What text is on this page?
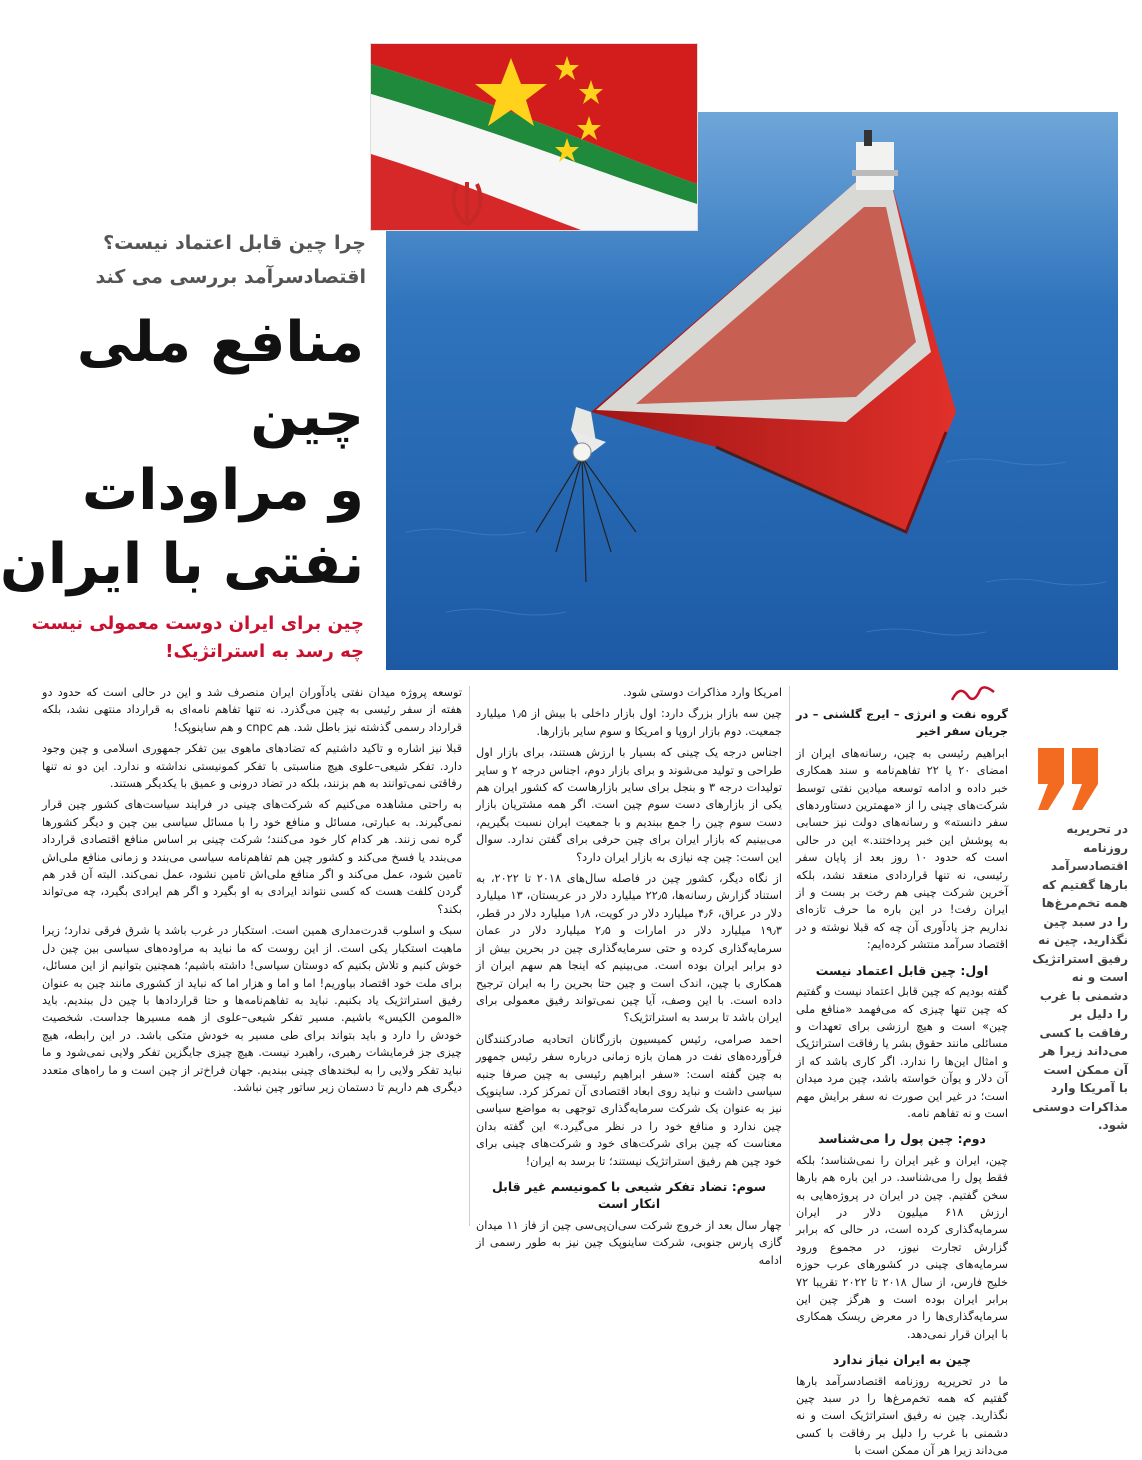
چرا چین قابل اعتماد نیست؟
اقتصادسرآمد بررسی می کند
منافع ملی
چین
و مراودات
نفتی با ایران
چین برای ایران دوست معمولی نیست
چه رسد به استراتژیک!
در تحریریه روزنامه اقتصادسرآمد بارها گفتیم که همه تخم‌مرغ‌ها را در سبد چین نگذارید. چین نه رفیق استراتژیک است و نه دشمنی با غرب را دلیل بر رفاقت با کسی می‌داند زیرا هر آن ممکن است با آمریکا وارد مذاکرات دوستی شود.

گروه نفت و انرژی – ایرج گلشنی – در جریان سفر اخیر

ابراهیم رئیسی به چین، رسانه‌های ایران از امضای ۲۰ یا ۲۲ تفاهم‌نامه و سند همکاری خبر داده و ادامه توسعه میادین نفتی توسط شرکت‌های چینی را از «مهمترین دستاوردهای سفر دانسته» و رسانه‌های دولت نیز حسابی به پوشش این خبر پرداختند.» این در حالی است که حدود ۱۰ روز بعد از پایان سفر رئیسی، نه تنها قراردادی منعقد نشد، بلکه آخرین شرکت چینی هم رخت بر بست و از ایران رفت! در این باره ما حرف تازه‌ای نداریم جز یادآوری آن چه که قبلا نوشته و در اقتصاد سرآمد منتشر کرده‌ایم:

اول: چین قابل اعتماد نیست

گفته بودیم که چین قابل اعتماد نیست و گفتیم که چین تنها چیزی که می‌فهمد «منافع ملی چین» است و هیچ ارزشی برای تعهدات و مسائلی مانند حقوق بشر یا رفاقت استراتژیک و امثال این‌ها را ندارد. اگر کاری باشد که از آن دلار و یوآن خواسته باشد، چین مرد میدان است؛ در غیر این صورت نه سفر برایش مهم است و نه تفاهم نامه.

دوم: چین پول را می‌شناسد

چین، ایران و غیر ایران را نمی‌شناسد؛ بلکه فقط پول را می‌شناسد. در این باره هم بارها سخن گفتیم. چین در ایران در پروژه‌هایی به ارزش ۶۱۸ میلیون دلار در ایران سرمایه‌گذاری کرده است، در حالی که برابر گزارش تجارت نیوز، در مجموع ورود سرمایه‌های چینی در کشورهای عرب حوزه خلیج فارس، از سال ۲۰۱۸ تا ۲۰۲۲ تقریبا ۷۲ برابر ایران بوده است و هرگز چین این سرمایه‌گذاری‌ها را در معرض ریسک همکاری با ایران قرار نمی‌دهد.

چین به ایران نیاز ندارد

ما در تحریریه روزنامه اقتصادسرآمد بارها گفتیم که همه تخم‌مرغ‌ها را در سبد چین نگذارید. چین نه رفیق استراتژیک است و نه دشمنی با غرب را دلیل بر رفاقت با کسی می‌داند زیرا هر آن ممکن است با

امریکا وارد مذاکرات دوستی شود.

چین سه بازار بزرگ دارد: اول بازار داخلی با بیش از ۱٫۵ میلیارد جمعیت. دوم بازار اروپا و امریکا و سوم سایر بازارها.

اجناس درجه یک چینی که بسیار با ارزش هستند، برای بازار اول طراحی و تولید می‌شوند و برای بازار دوم، اجناس درجه ۲ و سایر تولیدات درجه ۳ و بنجل برای سایر بازارهاست که کشور ایران هم یکی از بازارهای دست سوم چین است. اگر همه مشتریان بازار دست سوم چین را جمع ببندیم و با جمعیت ایران نسبت بگیریم، می‌بینیم که بازار ایران برای چین حرفی برای گفتن ندارد. سوال این است: چین چه نیازی به بازار ایران دارد؟

از نگاه دیگر، کشور چین در فاصله سال‌های ۲۰۱۸ تا ۲۰۲۲، به استناد گزارش رسانه‌ها، ۲۲٫۵ میلیارد دلار در عربستان، ۱۳ میلیارد دلار در عراق، ۴٫۶ میلیارد دلار در کویت، ۱٫۸ میلیارد دلار در قطر، ۱۹٫۳ میلیارد دلار در امارات و ۲٫۵ میلیارد دلار در عمان سرمایه‌گذاری کرده و حتی سرمایه‌گذاری چین در بحرین بیش از دو برابر ایران بوده است. می‌بینیم که اینجا هم سهم ایران از همکاری با چین، اندک است و چین حتا بحرین را به ایران ترجیح داده است. با این وصف، آیا چین نمی‌تواند رفیق معمولی برای ایران باشد تا برسد به استراتژیک؟

احمد صرامی، رئیس کمیسیون بازرگانان اتحادیه صادرکنندگان فرآورده‌های نفت در همان بازه زمانی درباره سفر رئیس جمهور به چین گفته است: «سفر ابراهیم رئیسی به چین صرفا جنبه سیاسی داشت و نباید روی ابعاد اقتصادی آن تمرکز کرد. ساینوپک نیز به عنوان یک شرکت سرمایه‌گذاری توجهی به مواضع سیاسی چین ندارد و منافع خود را در نظر می‌گیرد.» این گفته بدان معناست که چین برای شرکت‌های خود و شرکت‌های چینی برای خود چین هم رفیق استراتژیک نیستند؛ تا برسد به ایران!

سوم: تضاد تفکر شیعی با کمونیسم غیر قابل انکار است

چهار سال بعد از خروج شرکت سی‌ان‌پی‌سی چین از فاز ۱۱ میدان گازی پارس جنوبی، شرکت ساینوپک چین نیز به طور رسمی از ادامه

توسعه پروژه میدان نفتی یادآوران ایران منصرف شد و این در حالی است که حدود دو هفته از سفر رئیسی به چین می‌گذرد. نه تنها تفاهم نامه‌ای به قرارداد منتهی نشد، بلکه قرارداد رسمی گذشته نیز باطل شد. هم cnpc و هم ساینوپک!

قبلا نیز اشاره و تاکید داشتیم که تضادهای ماهوی بین تفکر جمهوری اسلامی و چین وجود دارد. تفکر شیعی–علوی هیچ مناسبتی با تفکر کمونیستی نداشته و ندارد. این دو نه تنها رفاقتی نمی‌توانند به هم بزنند، بلکه در تضاد درونی و عمیق با یکدیگر هستند.

به راحتی مشاهده می‌کنیم که شرکت‌های چینی در فرایند سیاست‌های کشور چین قرار نمی‌گیرند. به عبارتی، مسائل و منافع خود را با مسائل سیاسی بین چین و دیگر کشورها گره نمی زنند. هر کدام کار خود می‌کنند؛ شرکت چینی بر اساس منافع اقتصادی قرارداد می‌بندد یا فسخ می‌کند و کشور چین هم تفاهم‌نامه سیاسی می‌بندد و زمانی منافع ملی‌اش تامین شود، عمل می‌کند و اگر منافع ملی‌اش تامین نشود، عمل نمی‌کند. البته آن قدر هم گردن کلفت هست که کسی نتواند ایرادی به او بگیرد و اگر هم ایرادی بگیرد، چه می‌تواند بکند؟

سبک و اسلوب قدرت‌مداری همین است. استکبار در غرب باشد یا شرق فرقی ندارد؛ زیرا ماهیت استکبار یکی است. از این روست که ما نباید به مراوده‌های سیاسی بین چین دل خوش کنیم و تلاش بکنیم که دوستان سیاسی! داشته باشیم؛ همچنین بتوانیم از این مسائل، برای ملت خود اقتصاد بیاوریم! اما و اما و هزار اما که نباید از کشوری مانند چین به عنوان رفیق استراتژیک یاد بکنیم. نباید به تفاهم‌نامه‌ها و حتا قراردادها با چین دل ببندیم. باید «المومن الکیس» باشیم. مسیر تفکر شیعی–علوی از همه مسیرها جداست. شخصیت خودش را دارد و باید بتواند برای طی مسیر به خودش متکی باشد. در این رابطه، هیچ چیزی جز فرمایشات رهبری، راهبرد نیست. هیچ چیزی جایگزین تفکر ولایی نمی‌شود و ما نباید تفکر ولایی را به لبخندهای چینی ببندیم. جهان فراخ‌تر از چین است و ما راه‌های متعدد دیگری هم داریم تا دستمان زیر ساتور چین نباشد.
